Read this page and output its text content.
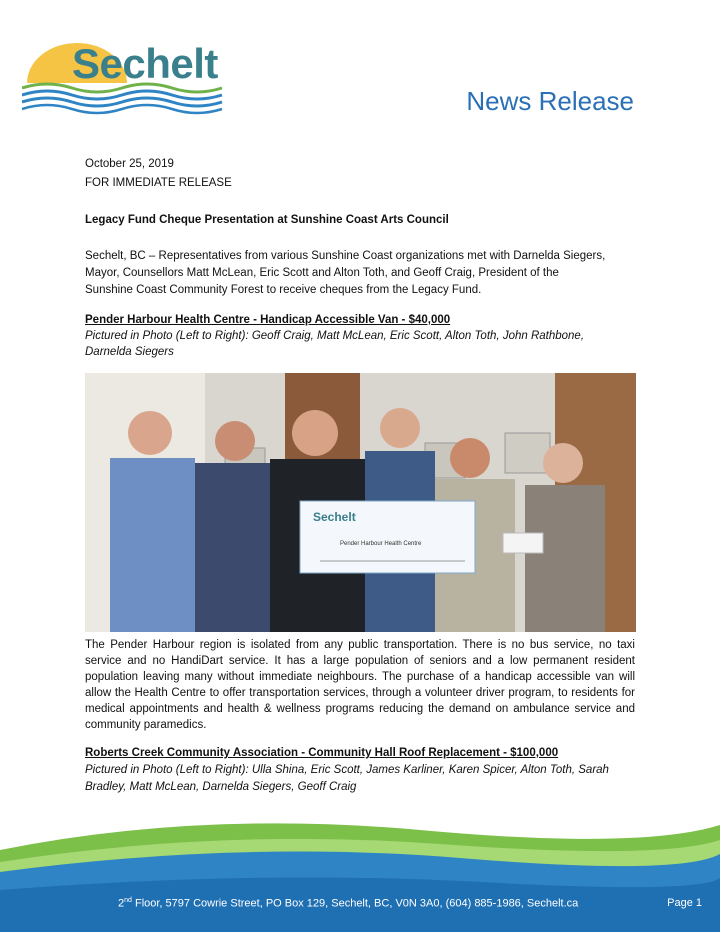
Sechelt
News Release
October 25, 2019
FOR IMMEDIATE RELEASE
Legacy Fund Cheque Presentation at Sunshine Coast Arts Council
Sechelt, BC – Representatives from various Sunshine Coast organizations met with Darnelda Siegers,
Mayor, Counsellors Matt McLean, Eric Scott and Alton Toth, and Geoff Craig, President of the
Sunshine Coast Community Forest to receive cheques from the Legacy Fund.
Pender Harbour Health Centre - Handicap Accessible Van - $40,000
Pictured in Photo (Left to Right): Geoff Craig, Matt McLean, Eric Scott, Alton Toth, John Rathbone,
Darnelda Siegers
Sechelt
Pender Harbour Health Centre
The Pender Harbour region is isolated from any public transportation. There is no bus service, no taxi service and no HandiDart service. It has a large population of seniors and a low permanent resident population leaving many without immediate neighbours. The purchase of a handicap accessible van will allow the Health Centre to offer transportation services, through a volunteer driver program, to residents for medical appointments and health & wellness programs reducing the demand on ambulance service and community paramedics.
Roberts Creek Community Association - Community Hall Roof Replacement - $100,000
Pictured in Photo (Left to Right): Ulla Shina, Eric Scott, James Karliner, Karen Spicer, Alton Toth, Sarah
Bradley, Matt McLean, Darnelda Siegers, Geoff Craig
2nd Floor, 5797 Cowrie Street, PO Box 129, Sechelt, BC, V0N 3A0, (604) 885-1986, Sechelt.ca	Page 1
